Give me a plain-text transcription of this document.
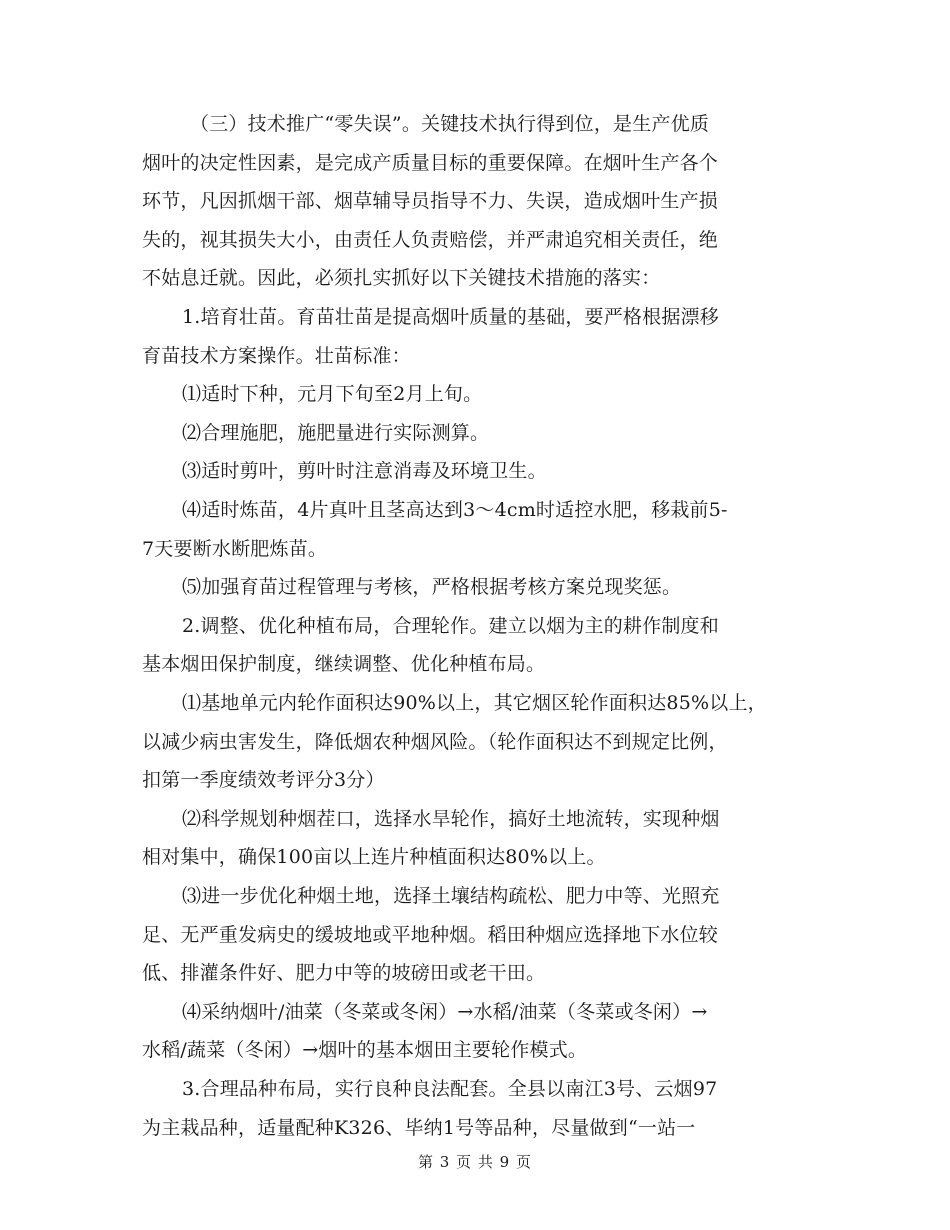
（三）技术推广“零失误”。关键技术执行得到位，是生产优质
烟叶的决定性因素，是完成产质量目标的重要保障。在烟叶生产各个
环节，凡因抓烟干部、烟草辅导员指导不力、失误，造成烟叶生产损
失的，视其损失大小，由责任人负责赔偿，并严肃追究相关责任，绝
不姑息迁就。因此，必须扎实抓好以下关键技术措施的落实：
1.培育壮苗。育苗壮苗是提高烟叶质量的基础，要严格根据漂移
育苗技术方案操作。壮苗标准：
⑴适时下种，元月下旬至2月上旬。
⑵合理施肥，施肥量进行实际测算。
⑶适时剪叶，剪叶时注意消毒及环境卫生。
⑷适时炼苗，4片真叶且茎高达到3～4cm时适控水肥，移栽前5-
7天要断水断肥炼苗。
⑸加强育苗过程管理与考核，严格根据考核方案兑现奖惩。
2.调整、优化种植布局，合理轮作。建立以烟为主的耕作制度和
基本烟田保护制度，继续调整、优化种植布局。
⑴基地单元内轮作面积达90%以上，其它烟区轮作面积达85%以上，
以减少病虫害发生，降低烟农种烟风险。（轮作面积达不到规定比例，
扣第一季度绩效考评分3分）
⑵科学规划种烟茬口，选择水旱轮作，搞好土地流转，实现种烟
相对集中，确保100亩以上连片种植面积达80%以上。
⑶进一步优化种烟土地，选择土壤结构疏松、肥力中等、光照充
足、无严重发病史的缓坡地或平地种烟。稻田种烟应选择地下水位较
低、排灌条件好、肥力中等的坡磅田或老干田。
⑷采纳烟叶/油菜（冬菜或冬闲）→水稻/油菜（冬菜或冬闲）→
水稻/蔬菜（冬闲）→烟叶的基本烟田主要轮作模式。
3.合理品种布局，实行良种良法配套。全县以南江3号、云烟97
为主栽品种，适量配种K326、毕纳1号等品种，尽量做到“一站一
第 3 页 共 9 页
